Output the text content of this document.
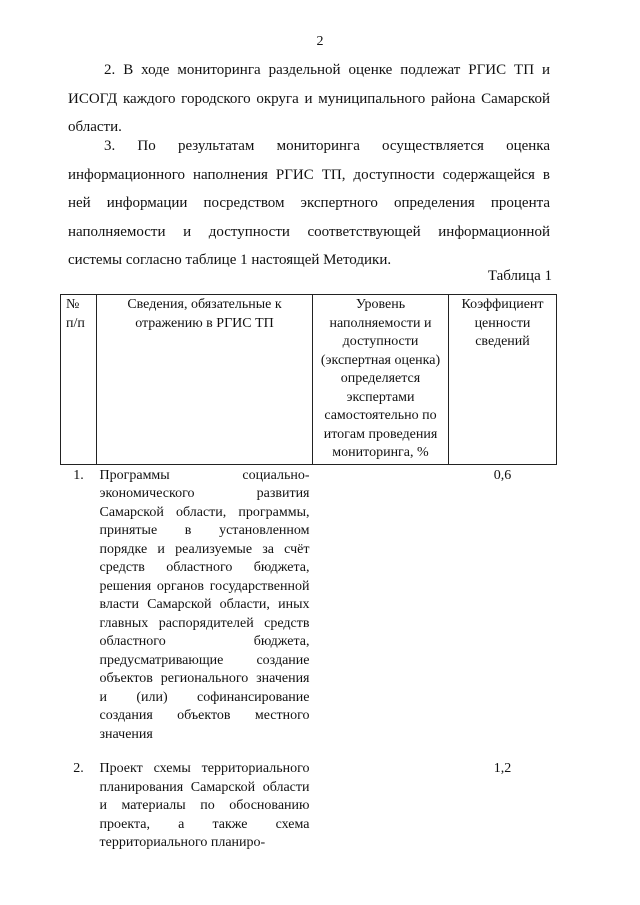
2

2. В ходе мониторинга раздельной оценке подлежат РГИС ТП и ИСОГД каждого городского округа и муниципального района Самарской области.

3. По результатам мониторинга осуществляется оценка информационного наполнения РГИС ТП, доступности содержащейся в ней информации посредством экспертного определения процента наполняемости и доступности соответствующей информационной системы согласно таблице 1 настоящей Методики.

Таблица 1
№ п/п	Сведения, обязательные к отражению в РГИС ТП	Уровень наполняемости и доступности (экспертная оценка) определяется экспертами самостоятельно по итогам проведения мониторинга, %	Коэффициент ценности сведений
1.	Программы социально-экономического развития Самарской области, программы, принятые в установленном порядке и реализуемые за счёт средств областного бюджета, решения органов государственной власти Самарской области, иных главных распорядителей средств областного бюджета, предусматривающие создание объектов регионального значения и (или) софинансирование создания объектов местного значения		0,6

2.	Проект схемы территориального планирования Самарской области и материалы по обоснованию проекта, а также схема территориального планиро-		1,2
